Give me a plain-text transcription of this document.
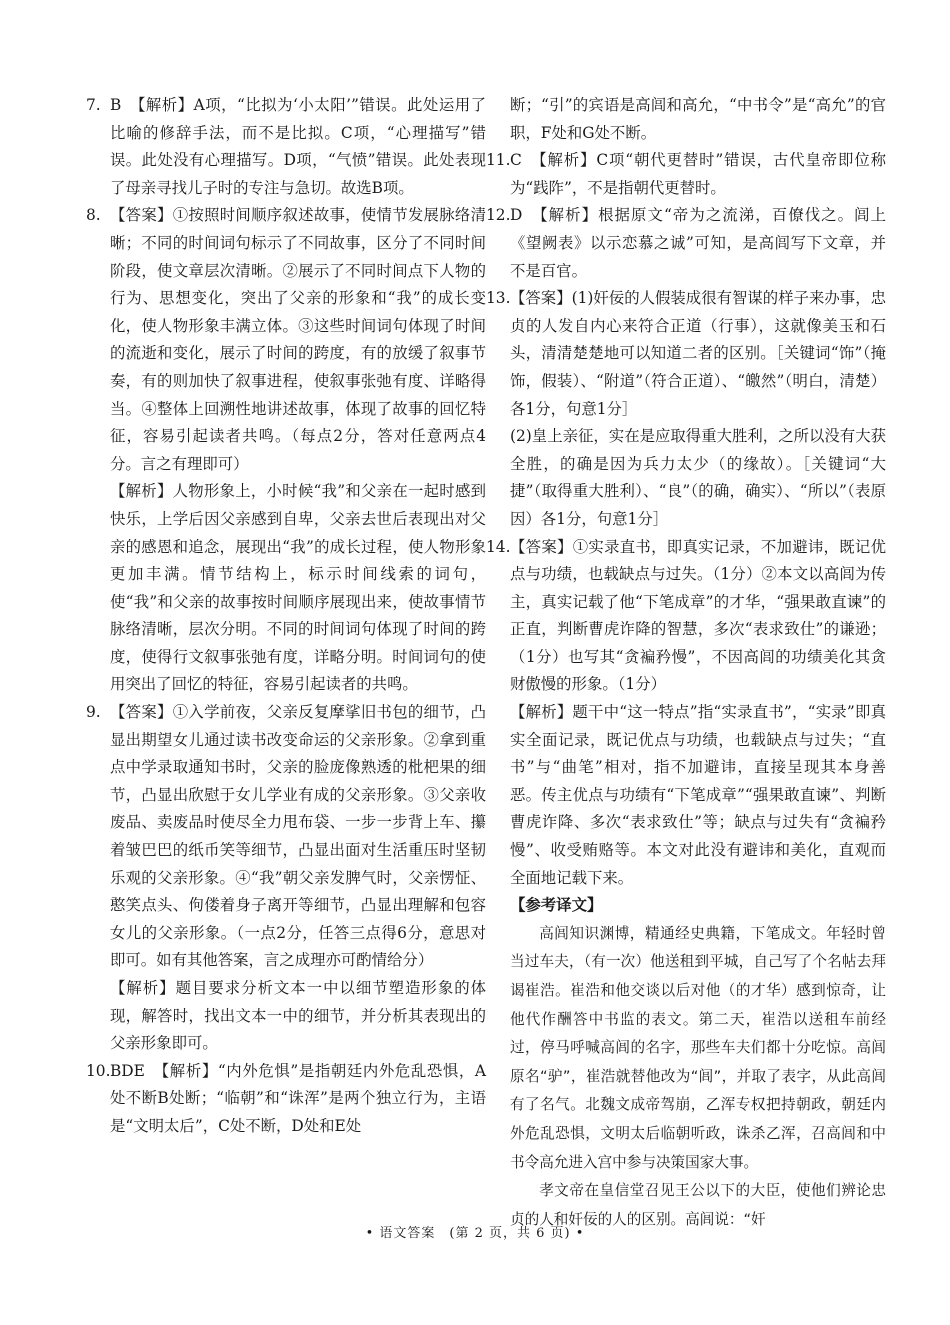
7. B　【解析】A项，“比拟为‘小太阳’”错误。此处运用了比喻的修辞手法，而不是比拟。C项，“心理描写”错误。此处没有心理描写。D项，“气愤”错误。此处表现了母亲寻找儿子时的专注与急切。故选B项。

8. 【答案】①按照时间顺序叙述故事，使情节发展脉络清晰；不同的时间词句标示了不同故事，区分了不同时间阶段，使文章层次清晰。②展示了不同时间点下人物的行为、思想变化，突出了父亲的形象和“我”的成长变化，使人物形象丰满立体。③这些时间词句体现了时间的流逝和变化，展示了时间的跨度，有的放缓了叙事节奏，有的则加快了叙事进程，使叙事张弛有度、详略得当。④整体上回溯性地讲述故事，体现了故事的回忆特征，容易引起读者共鸣。（每点2分，答对任意两点4分。言之有理即可）

【解析】人物形象上，小时候“我”和父亲在一起时感到快乐，上学后因父亲感到自卑，父亲去世后表现出对父亲的感恩和追念，展现出“我”的成长过程，使人物形象更加丰满。情节结构上，标示时间线索的词句，使“我”和父亲的故事按时间顺序展现出来，使故事情节脉络清晰，层次分明。不同的时间词句体现了时间的跨度，使得行文叙事张弛有度，详略分明。时间词句的使用突出了回忆的特征，容易引起读者的共鸣。

9. 【答案】①入学前夜，父亲反复摩挲旧书包的细节，凸显出期望女儿通过读书改变命运的父亲形象。②拿到重点中学录取通知书时，父亲的脸庞像熟透的枇杷果的细节，凸显出欣慰于女儿学业有成的父亲形象。③父亲收废品、卖废品时使尽全力甩布袋、一步一步背上车、攥着皱巴巴的纸币笑等细节，凸显出面对生活重压时坚韧乐观的父亲形象。④“我”朝父亲发脾气时，父亲愣怔、憨笑点头、佝偻着身子离开等细节，凸显出理解和包容女儿的父亲形象。（一点2分，任答三点得6分，意思对即可。如有其他答案，言之成理亦可酌情给分）

【解析】题目要求分析文本一中以细节塑造形象的体现，解答时，找出文本一中的细节，并分析其表现出的父亲形象即可。

10. BDE　【解析】“内外危惧”是指朝廷内外危乱恐惧，A处不断B处断；“临朝”和“诛浑”是两个独立行为，主语是“文明太后”，C处不断，D处和E处

断；“引”的宾语是高闾和高允，“中书令”是“高允”的官职，F处和G处不断。

11. C　【解析】C项“朝代更替时”错误，古代皇帝即位称为“践阼”，不是指朝代更替时。

12. D　【解析】根据原文“帝为之流涕，百僚伐之。闾上《望阙表》以示恋慕之诚”可知，是高闾写下文章，并不是百官。

13. 【答案】(1)奸佞的人假装成很有智谋的样子来办事，忠贞的人发自内心来符合正道（行事），这就像美玉和石头，清清楚楚地可以知道二者的区别。［关键词“饰”（掩饰，假装）、“附道”（符合正道）、“皦然”（明白，清楚）各1分，句意1分］

(2)皇上亲征，实在是应取得重大胜利，之所以没有大获全胜，的确是因为兵力太少（的缘故）。［关键词“大捷”（取得重大胜利）、“良”（的确，确实）、“所以”（表原因）各1分，句意1分］

14. 【答案】①实录直书，即真实记录，不加避讳，既记优点与功绩，也载缺点与过失。（1分）②本文以高闾为传主，真实记载了他“下笔成章”的才华，“强果敢直谏”的正直，判断曹虎诈降的智慧，多次“表求致仕”的谦逊；（1分）也写其“贪褊矜慢”，不因高闾的功绩美化其贪财傲慢的形象。（1分）

【解析】题干中“这一特点”指“实录直书”，“实录”即真实全面记录，既记优点与功绩，也载缺点与过失；“直书”与“曲笔”相对，指不加避讳，直接呈现其本身善恶。传主优点与功绩有“下笔成章”“强果敢直谏”、判断曹虎诈降、多次“表求致仕”等；缺点与过失有“贪褊矜慢”、收受贿赂等。本文对此没有避讳和美化，直观而全面地记载下来。

【参考译文】

高闾知识渊博，精通经史典籍，下笔成文。年轻时曾当过车夫，（有一次）他送租到平城，自己写了个名帖去拜谒崔浩。崔浩和他交谈以后对他（的才华）感到惊奇，让他代作酬答中书监的表文。第二天，崔浩以送租车前经过，停马呼喊高闾的名字，那些车夫们都十分吃惊。高闾原名“驴”，崔浩就替他改为“闾”，并取了表字，从此高闾有了名气。北魏文成帝驾崩，乙浑专权把持朝政，朝廷内外危乱恐惧，文明太后临朝听政，诛杀乙浑，召高闾和中书令高允进入宫中参与决策国家大事。

孝文帝在皇信堂召见王公以下的大臣，使他们辨论忠贞的人和奸佞的人的区别。高闾说：“奸

• 语文答案　(第 2 页，共 6 页) •
